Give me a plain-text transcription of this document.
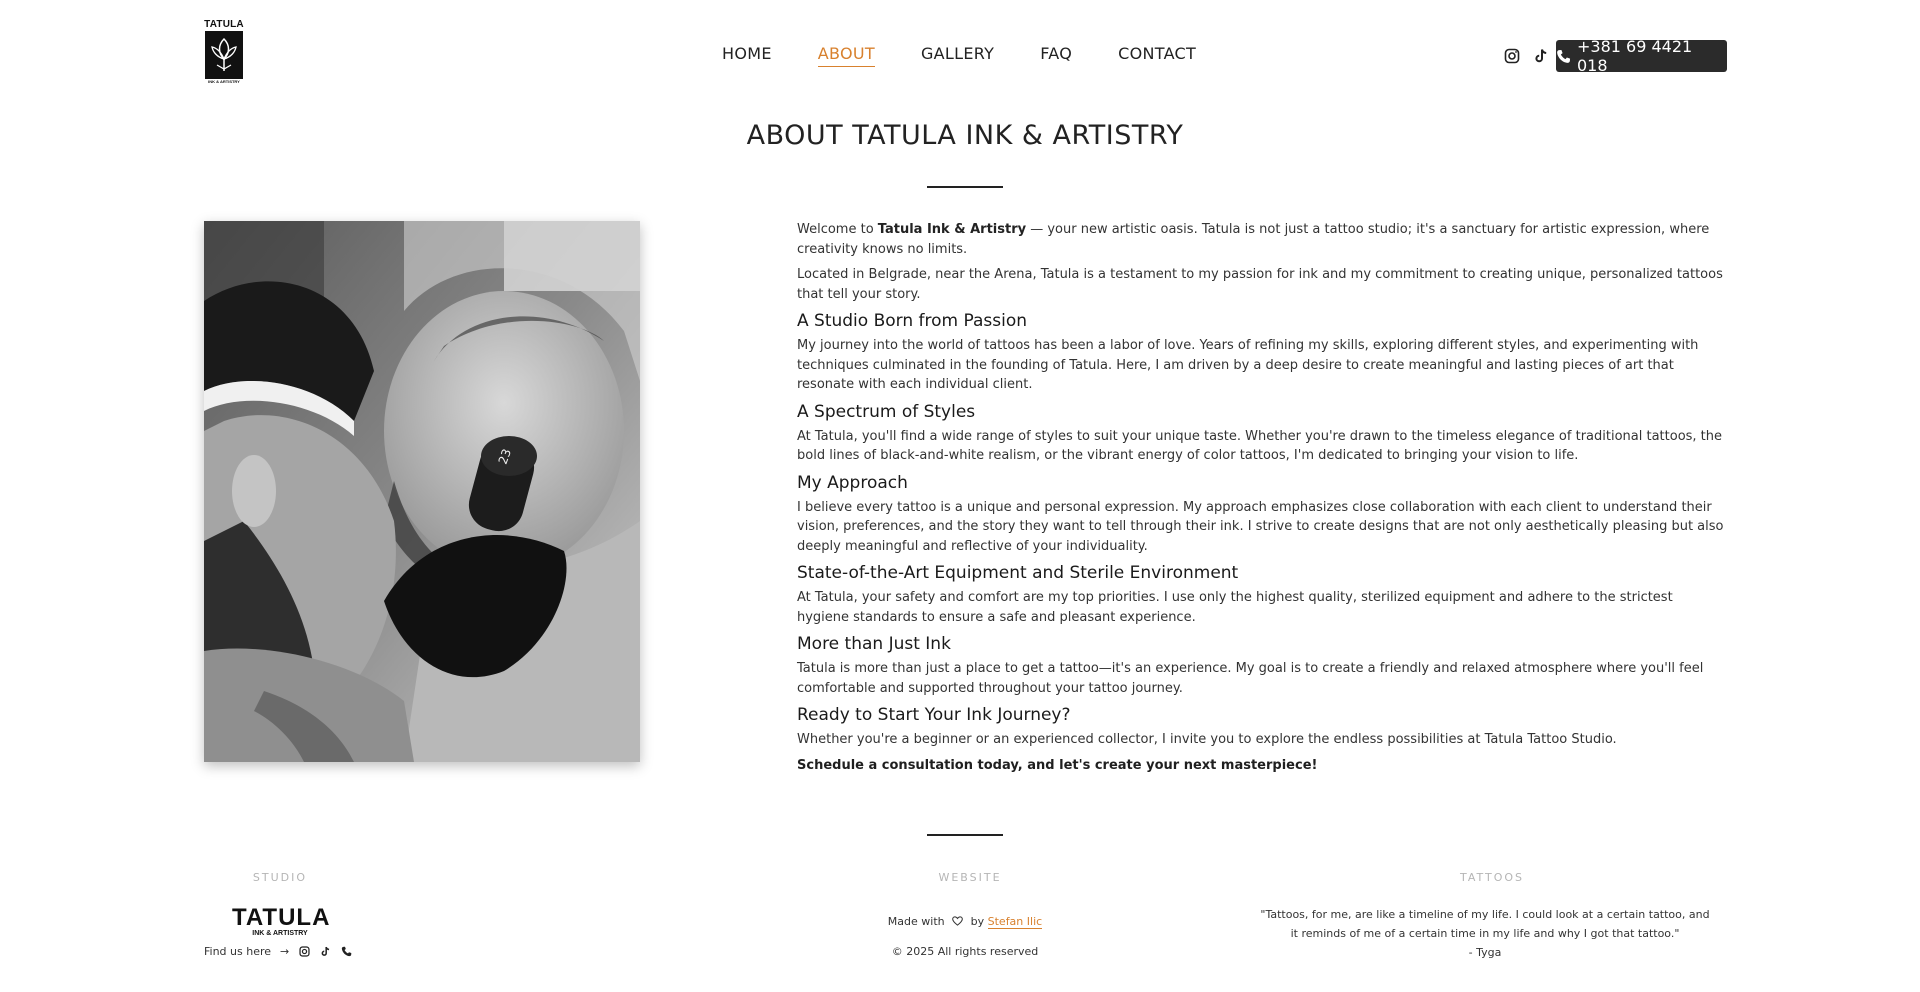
TATULA
INK & ARTISTRY
HOME	ABOUT	GALLERY	FAQ	CONTACT	+381 69 4421 018
ABOUT TATULA INK & ARTISTRY
23

Welcome to Tatula Ink & Artistry — your new artistic oasis. Tatula is not just a tattoo studio; it's a sanctuary for artistic expression, where creativity knows no limits.

Located in Belgrade, near the Arena, Tatula is a testament to my passion for ink and my commitment to creating unique, personalized tattoos that tell your story.

A Studio Born from Passion

My journey into the world of tattoos has been a labor of love. Years of refining my skills, exploring different styles, and experimenting with techniques culminated in the founding of Tatula. Here, I am driven by a deep desire to create meaningful and lasting pieces of art that resonate with each individual client.

A Spectrum of Styles

At Tatula, you'll find a wide range of styles to suit your unique taste. Whether you're drawn to the timeless elegance of traditional tattoos, the bold lines of black-and-white realism, or the vibrant energy of color tattoos, I'm dedicated to bringing your vision to life.

My Approach

I believe every tattoo is a unique and personal expression. My approach emphasizes close collaboration with each client to understand their vision, preferences, and the story they want to tell through their ink. I strive to create designs that are not only aesthetically pleasing but also deeply meaningful and reflective of your individuality.

State-of-the-Art Equipment and Sterile Environment

At Tatula, your safety and comfort are my top priorities. I use only the highest quality, sterilized equipment and adhere to the strictest hygiene standards to ensure a safe and pleasant experience.

More than Just Ink

Tatula is more than just a place to get a tattoo—it's an experience. My goal is to create a friendly and relaxed atmosphere where you'll feel comfortable and supported throughout your tattoo journey.

Ready to Start Your Ink Journey?

Whether you're a beginner or an experienced collector, I invite you to explore the endless possibilities at Tatula Tattoo Studio.

Schedule a consultation today, and let's create your next masterpiece!

STUDIO	WEBSITE	TATTOOS
TATULA
INK & ARTISTRY
Find us here →
Made with by Stefan Ilic
© 2025 All rights reserved
"Tattoos, for me, are like a timeline of my life. I could look at a certain tattoo, and it reminds of me of a certain time in my life and why I got that tattoo."
- Tyga
